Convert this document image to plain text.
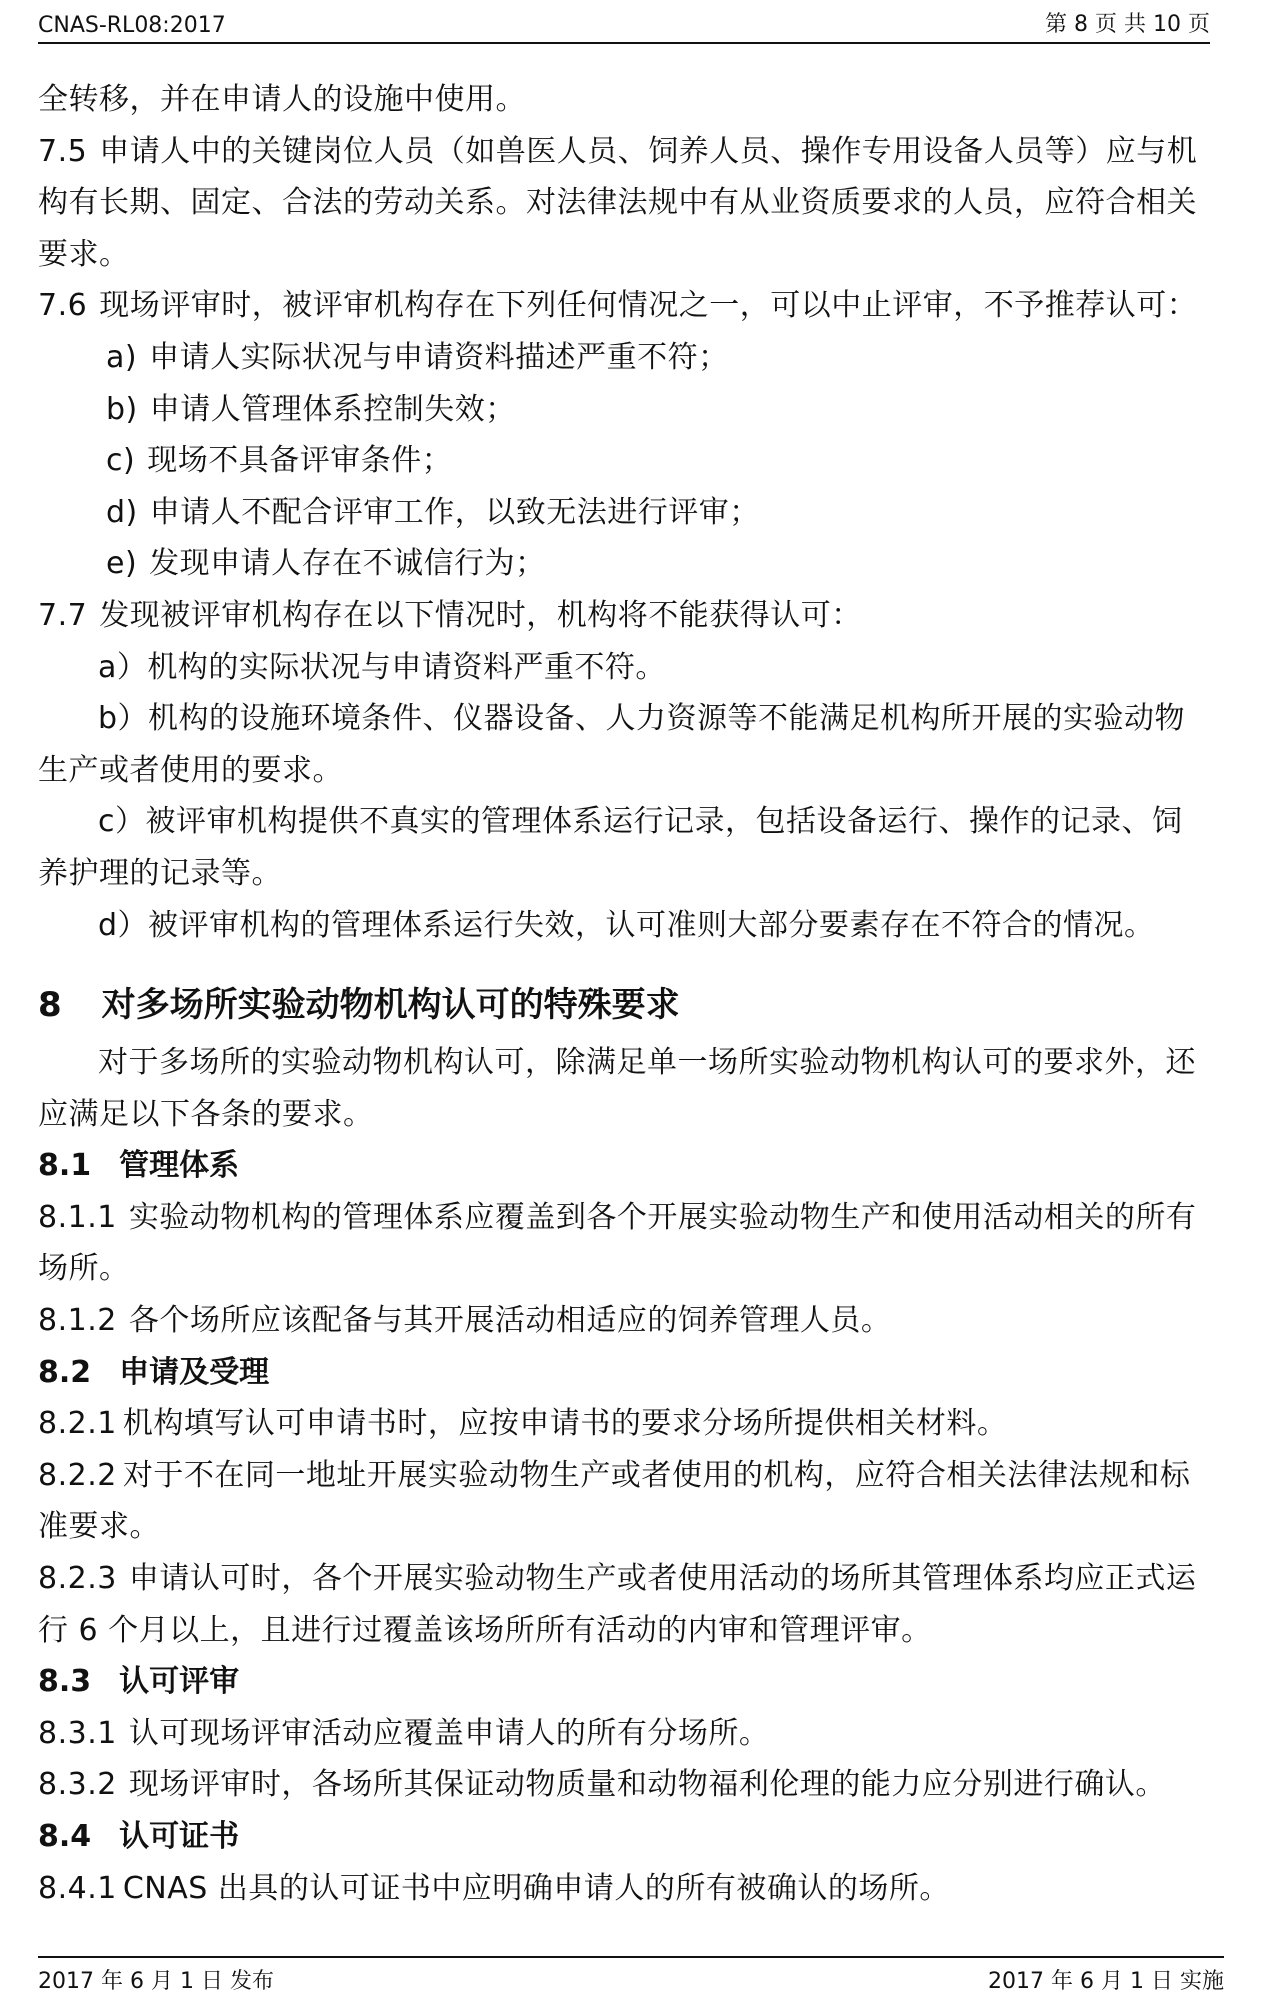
CNAS-RL08:2017	第 8 页 共 10 页

全转移，并在申请人的设施中使用。

7.5 申请人中的关键岗位人员（如兽医人员、饲养人员、操作专用设备人员等）应与机构有长期、固定、合法的劳动关系。对法律法规中有从业资质要求的人员，应符合相关要求。

7.6 现场评审时，被评审机构存在下列任何情况之一，可以中止评审，不予推荐认可：

a) 申请人实际状况与申请资料描述严重不符；

b) 申请人管理体系控制失效；

c) 现场不具备评审条件；

d) 申请人不配合评审工作，以致无法进行评审；

e) 发现申请人存在不诚信行为；

7.7 发现被评审机构存在以下情况时，机构将不能获得认可：

a）机构的实际状况与申请资料严重不符。

b）机构的设施环境条件、仪器设备、人力资源等不能满足机构所开展的实验动物生产或者使用的要求。

c）被评审机构提供不真实的管理体系运行记录，包括设备运行、操作的记录、饲养护理的记录等。

d）被评审机构的管理体系运行失效，认可准则大部分要素存在不符合的情况。

8 对多场所实验动物机构认可的特殊要求

对于多场所的实验动物机构认可，除满足单一场所实验动物机构认可的要求外，还应满足以下各条的要求。

8.1 管理体系

8.1.1 实验动物机构的管理体系应覆盖到各个开展实验动物生产和使用活动相关的所有场所。

8.1.2 各个场所应该配备与其开展活动相适应的饲养管理人员。

8.2 申请及受理

8.2.1 机构填写认可申请书时，应按申请书的要求分场所提供相关材料。

8.2.2 对于不在同一地址开展实验动物生产或者使用的机构，应符合相关法律法规和标准要求。

8.2.3 申请认可时，各个开展实验动物生产或者使用活动的场所其管理体系均应正式运行 6 个月以上，且进行过覆盖该场所所有活动的内审和管理评审。

8.3 认可评审

8.3.1 认可现场评审活动应覆盖申请人的所有分场所。

8.3.2 现场评审时，各场所其保证动物质量和动物福利伦理的能力应分别进行确认。

8.4 认可证书

8.4.1 CNAS 出具的认可证书中应明确申请人的所有被确认的场所。

2017 年 6 月 1 日 发布	2017 年 6 月 1 日 实施
